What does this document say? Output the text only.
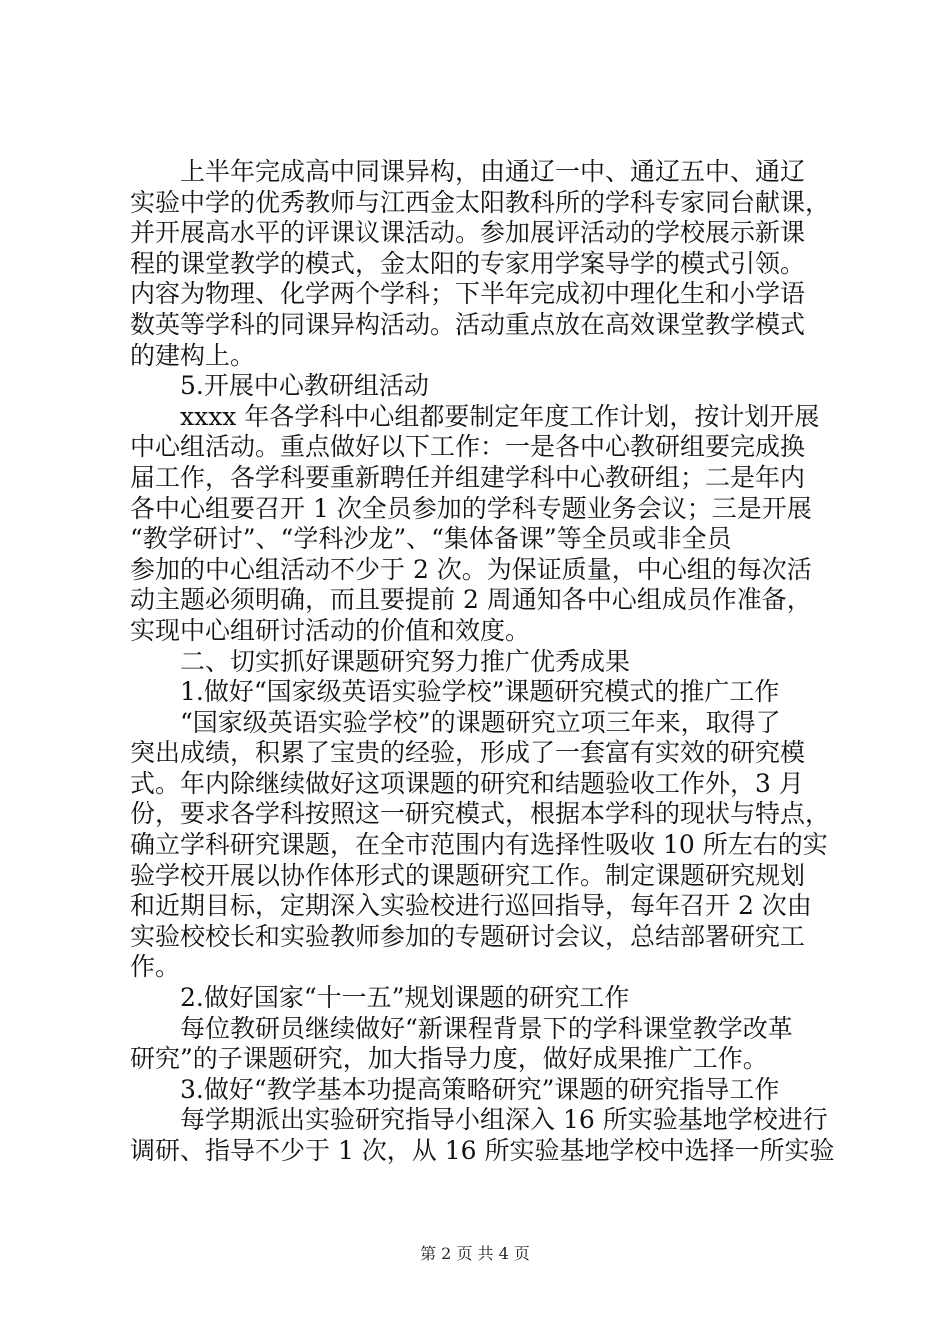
　　上半年完成高中同课异构，由通辽一中、通辽五中、通辽
实验中学的优秀教师与江西金太阳教科所的学科专家同台献课，
并开展高水平的评课议课活动。参加展评活动的学校展示新课
程的课堂教学的模式，金太阳的专家用学案导学的模式引领。
内容为物理、化学两个学科；下半年完成初中理化生和小学语
数英等学科的同课异构活动。活动重点放在高效课堂教学模式
的建构上。
　　5.开展中心教研组活动
　　xxxx 年各学科中心组都要制定年度工作计划，按计划开展
中心组活动。重点做好以下工作：一是各中心教研组要完成换
届工作，各学科要重新聘任并组建学科中心教研组；二是年内
各中心组要召开 1 次全员参加的学科专题业务会议；三是开展
“教学研讨”、“学科沙龙”、“集体备课”等全员或非全员
参加的中心组活动不少于 2 次。为保证质量，中心组的每次活
动主题必须明确，而且要提前 2 周通知各中心组成员作准备，
实现中心组研讨活动的价值和效度。
　　二、切实抓好课题研究努力推广优秀成果
　　1.做好“国家级英语实验学校”课题研究模式的推广工作
　　“国家级英语实验学校”的课题研究立项三年来，取得了
突出成绩，积累了宝贵的经验，形成了一套富有实效的研究模
式。年内除继续做好这项课题的研究和结题验收工作外，3 月
份，要求各学科按照这一研究模式，根据本学科的现状与特点，
确立学科研究课题，在全市范围内有选择性吸收 10 所左右的实
验学校开展以协作体形式的课题研究工作。制定课题研究规划
和近期目标，定期深入实验校进行巡回指导，每年召开 2 次由
实验校校长和实验教师参加的专题研讨会议，总结部署研究工
作。
　　2.做好国家“十一五”规划课题的研究工作
　　每位教研员继续做好“新课程背景下的学科课堂教学改革
研究”的子课题研究，加大指导力度，做好成果推广工作。
　　3.做好“教学基本功提高策略研究”课题的研究指导工作
　　每学期派出实验研究指导小组深入 16 所实验基地学校进行
调研、指导不少于 1 次，从 16 所实验基地学校中选择一所实验
第 2 页 共 4 页
